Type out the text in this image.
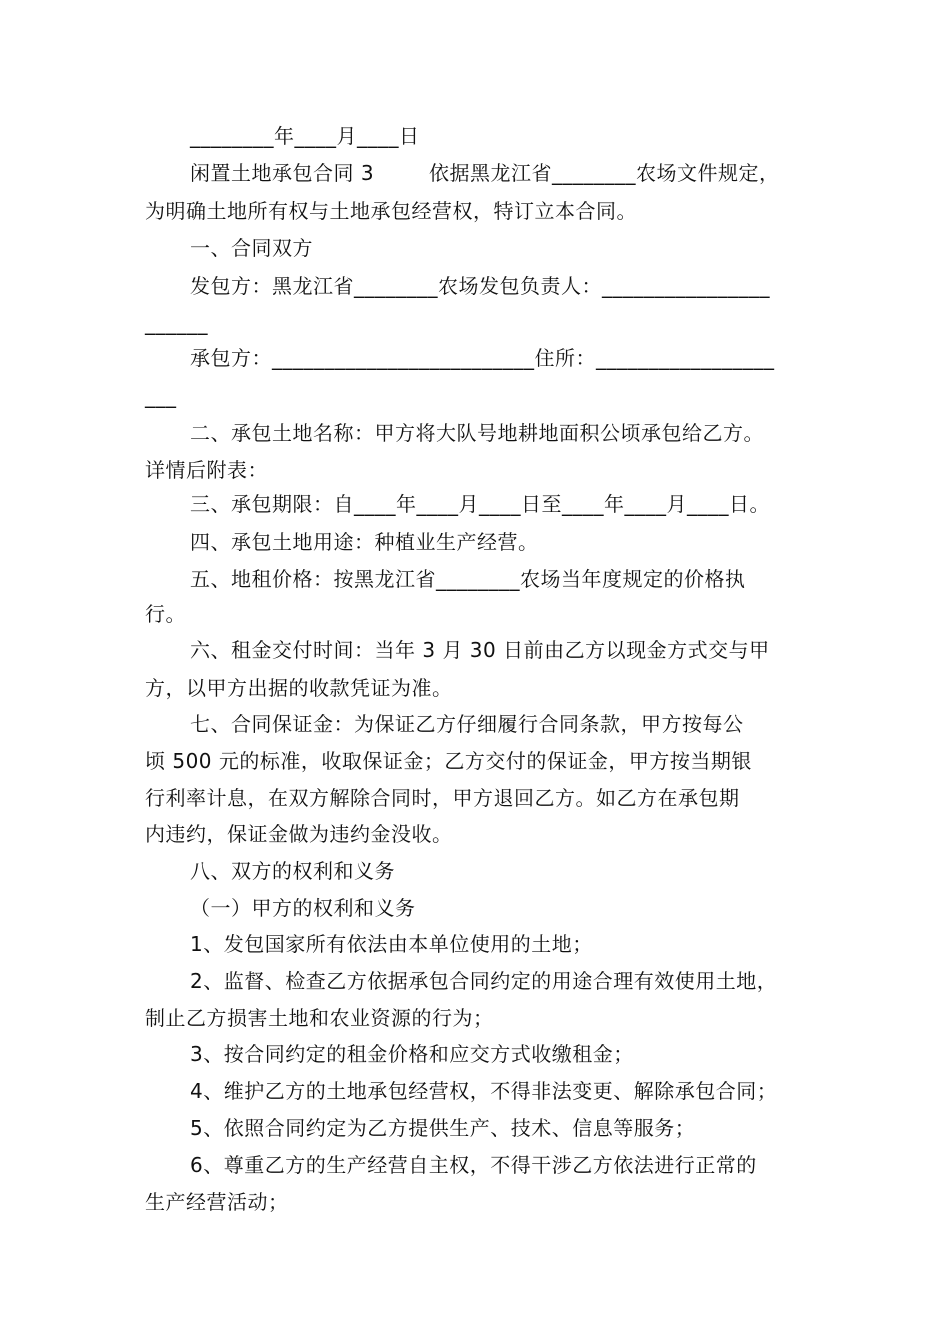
________年____月____日
闲置土地承包合同 3        依据黑龙江省________农场文件规定，
为明确土地所有权与土地承包经营权，特订立本合同。
一、合同双方
发包方：黑龙江省________农场发包负责人：________________
______
承包方：_________________________住所：_________________
___
二、承包土地名称：甲方将大队号地耕地面积公顷承包给乙方。
详情后附表：
三、承包期限：自____年____月____日至____年____月____日。
四、承包土地用途：种植业生产经营。
五、地租价格：按黑龙江省________农场当年度规定的价格执
行。
六、租金交付时间：当年 3 月 30 日前由乙方以现金方式交与甲
方，以甲方出据的收款凭证为准。
七、合同保证金：为保证乙方仔细履行合同条款，甲方按每公
顷 500 元的标准，收取保证金；乙方交付的保证金，甲方按当期银
行利率计息，在双方解除合同时，甲方退回乙方。如乙方在承包期
内违约，保证金做为违约金没收。
八、双方的权利和义务
（一）甲方的权利和义务
1、发包国家所有依法由本单位使用的土地；
2、监督、检查乙方依据承包合同约定的用途合理有效使用土地，
制止乙方损害土地和农业资源的行为；
3、按合同约定的租金价格和应交方式收缴租金；
4、维护乙方的土地承包经营权，不得非法变更、解除承包合同；
5、依照合同约定为乙方提供生产、技术、信息等服务；
6、尊重乙方的生产经营自主权，不得干涉乙方依法进行正常的
生产经营活动；
